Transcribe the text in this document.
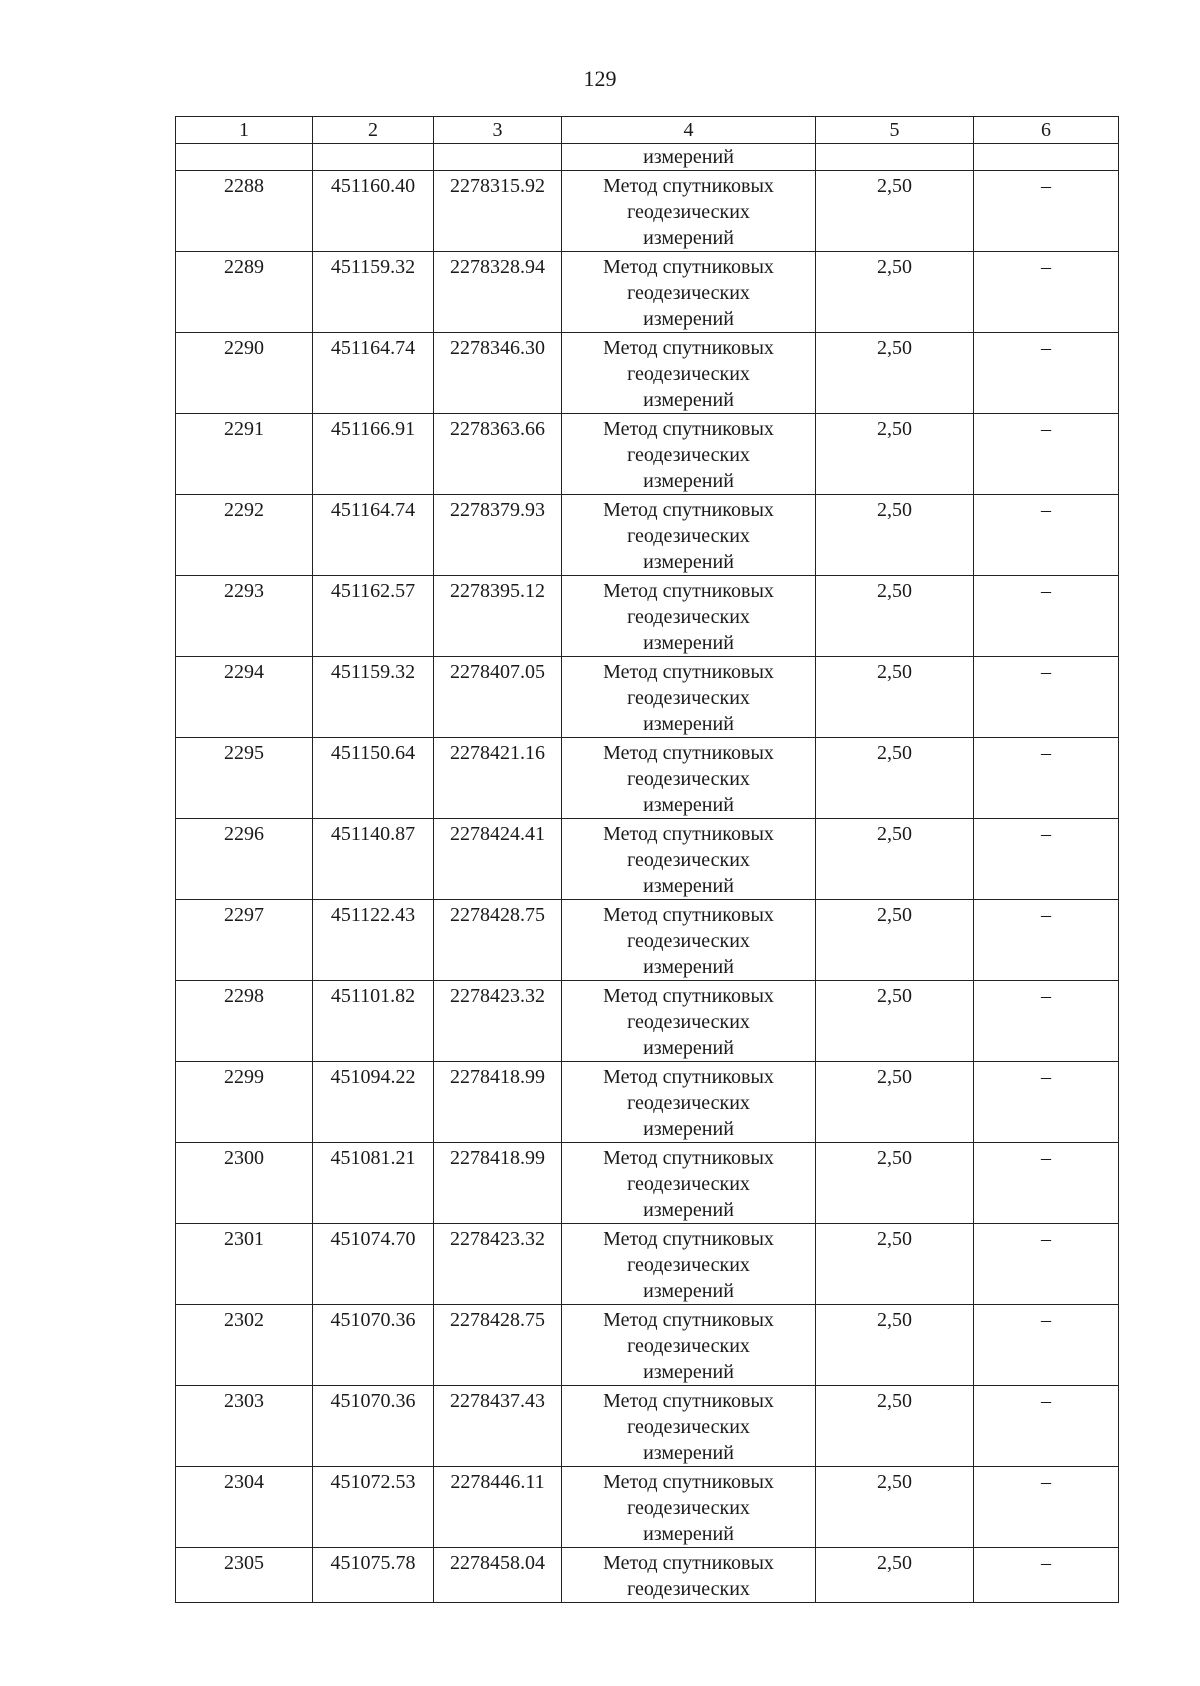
129
1	2	3	4	5	6
			измерений		
2288	451160.40	2278315.92	Метод спутниковых
геодезических
измерений	2,50	–
2289	451159.32	2278328.94	Метод спутниковых
геодезических
измерений	2,50	–
2290	451164.74	2278346.30	Метод спутниковых
геодезических
измерений	2,50	–
2291	451166.91	2278363.66	Метод спутниковых
геодезических
измерений	2,50	–
2292	451164.74	2278379.93	Метод спутниковых
геодезических
измерений	2,50	–
2293	451162.57	2278395.12	Метод спутниковых
геодезических
измерений	2,50	–
2294	451159.32	2278407.05	Метод спутниковых
геодезических
измерений	2,50	–
2295	451150.64	2278421.16	Метод спутниковых
геодезических
измерений	2,50	–
2296	451140.87	2278424.41	Метод спутниковых
геодезических
измерений	2,50	–
2297	451122.43	2278428.75	Метод спутниковых
геодезических
измерений	2,50	–
2298	451101.82	2278423.32	Метод спутниковых
геодезических
измерений	2,50	–
2299	451094.22	2278418.99	Метод спутниковых
геодезических
измерений	2,50	–
2300	451081.21	2278418.99	Метод спутниковых
геодезических
измерений	2,50	–
2301	451074.70	2278423.32	Метод спутниковых
геодезических
измерений	2,50	–
2302	451070.36	2278428.75	Метод спутниковых
геодезических
измерений	2,50	–
2303	451070.36	2278437.43	Метод спутниковых
геодезических
измерений	2,50	–
2304	451072.53	2278446.11	Метод спутниковых
геодезических
измерений	2,50	–
2305	451075.78	2278458.04	Метод спутниковых
геодезических	2,50	–
